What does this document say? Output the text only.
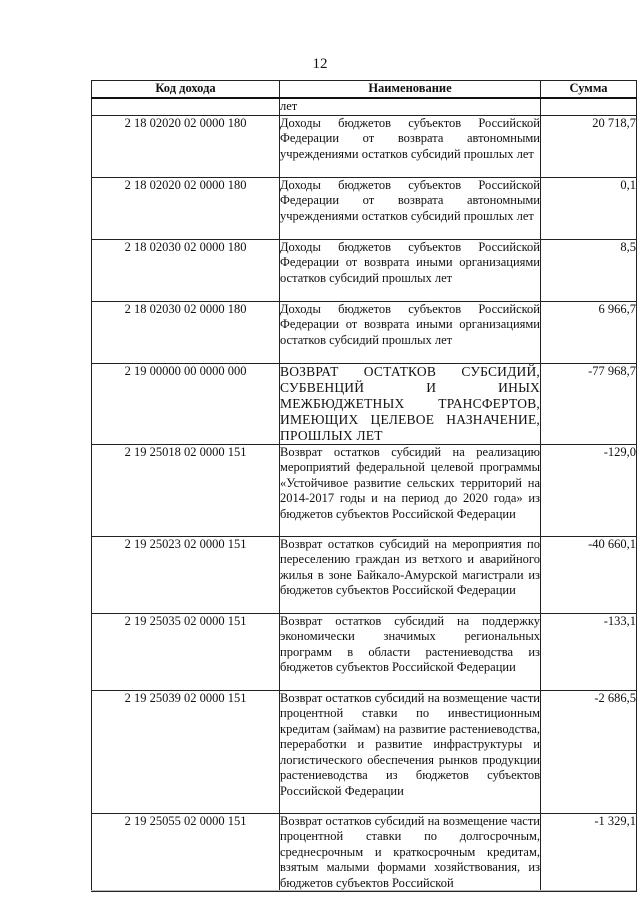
12
Код дохода	Наименование	Сумма
	лет	
2 18 02020 02 0000 180	Доходы бюджетов субъектов Российской Федерации от возврата автономными учреждениями остатков субсидий прошлых лет	20 718,7
2 18 02020 02 0000 180	Доходы бюджетов субъектов Российской Федерации от возврата автономными учреждениями остатков субсидий прошлых лет	0,1
2 18 02030 02 0000 180	Доходы бюджетов субъектов Российской Федерации от возврата иными организациями остатков субсидий прошлых лет	8,5
2 18 02030 02 0000 180	Доходы бюджетов субъектов Российской Федерации от возврата иными организациями остатков субсидий прошлых лет	6 966,7
2 19 00000 00 0000 000	ВОЗВРАТ ОСТАТКОВ СУБСИДИЙ, СУБВЕНЦИЙ И ИНЫХ МЕЖБЮДЖЕТНЫХ ТРАНСФЕРТОВ, ИМЕЮЩИХ ЦЕЛЕВОЕ НАЗНАЧЕНИЕ, ПРОШЛЫХ ЛЕТ	-77 968,7
2 19 25018 02 0000 151	Возврат остатков субсидий на реализацию мероприятий федеральной целевой программы «Устойчивое развитие сельских территорий на 2014-2017 годы и на период до 2020 года» из бюджетов субъектов Российской Федерации	-129,0
2 19 25023 02 0000 151	Возврат остатков субсидий на мероприятия по переселению граждан из ветхого и аварийного жилья в зоне Байкало-Амурской магистрали из бюджетов субъектов Российской Федерации	-40 660,1
2 19 25035 02 0000 151	Возврат остатков субсидий на поддержку экономически значимых региональных программ в области растениеводства из бюджетов субъектов Российской Федерации	-133,1
2 19 25039 02 0000 151	Возврат остатков субсидий на возмещение части процентной ставки по инвестиционным кредитам (займам) на развитие растениеводства, переработки и развитие инфраструктуры и логистического обеспечения рынков продукции растениеводства из бюджетов субъектов Российской Федерации	-2 686,5
2 19 25055 02 0000 151	Возврат остатков субсидий на возмещение части процентной ставки по долгосрочным, среднесрочным и краткосрочным кредитам, взятым малыми формами хозяйствования, из бюджетов субъектов Российской	-1 329,1
